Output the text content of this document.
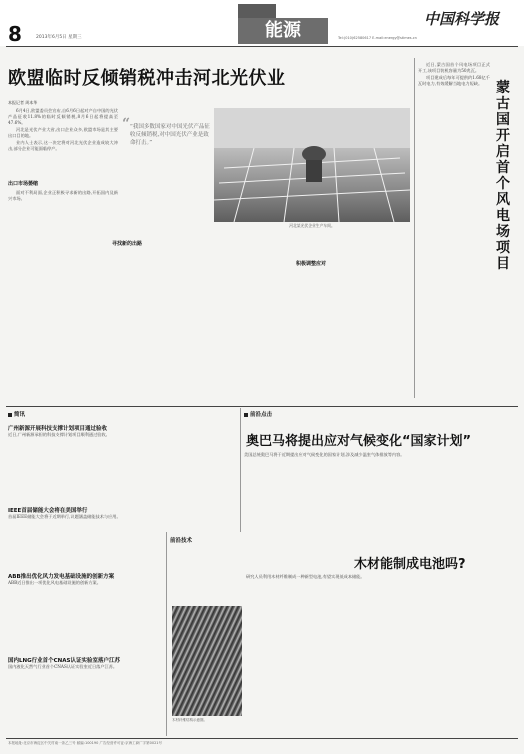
8	2013年6月5日 星期三	能源
中国科学报
Tel:(010)62580617 E-mail:energy@stimes.cn
欧盟临时反倾销税冲击河北光伏业
本报记者 周本华

6月4日,欧盟委员会宣布,自6月6日起对产自中国的光伏产品征收11.8%的临时反倾销税,8月6日起将提高至47.6%。

河北是光伏产业大省,出口企业众多,欧盟市场是其主要出口目的地。

业内人士表示,这一决定将对河北光伏企业造成较大冲击,部分企业可能面临停产。

出口市场萎缩

面对不利局面,企业正积极寻求新的出路,开拓国内及新兴市场。

“ “我国多数国家对中国光伏产品征收反倾销税,对中国光伏产业是致命打击。”
河北某光伏企业生产车间。
寻找新的出路
积极调整应对

近日,蒙古国首个风电场项目正式开工,该项目装机容量为50兆瓦。

项目建成后每年可提供约1.68亿千瓦时电力,有效缓解当地电力短缺。 蒙古国开启首个风电场项目
简讯
广州新源开展科技支撑计划项目通过验收
近日,广州新源承担的科技支撑计划项目顺利通过验收。
IEEE首届储能大会将在美国举行
首届IEEE储能大会将于近期举行,议题涵盖储能技术与应用。
ABB推出优化风力发电基础设施的创新方案
ABB近日推出一项优化风电基础设施的创新方案。
国内LNG行业首个CNAS认证实验室落户江苏
国内液化天然气行业首个CNAS认证实验室近日落户江苏。
前沿点击
奥巴马将提出应对气候变化“国家计划”
美国总统奥巴马将于近期提出应对气候变化的国家计划,涉及减少温室气体排放等内容。
前沿技术
木材能制成电池吗?
研究人员利用木材纤维制成一种新型电池,有望实现低成本储能。
木材纤维结构示意图。
本报地址:北京市海淀区中关村南一条乙三号 邮编:100190 广告经营许可证:京海工商广字第0021号
